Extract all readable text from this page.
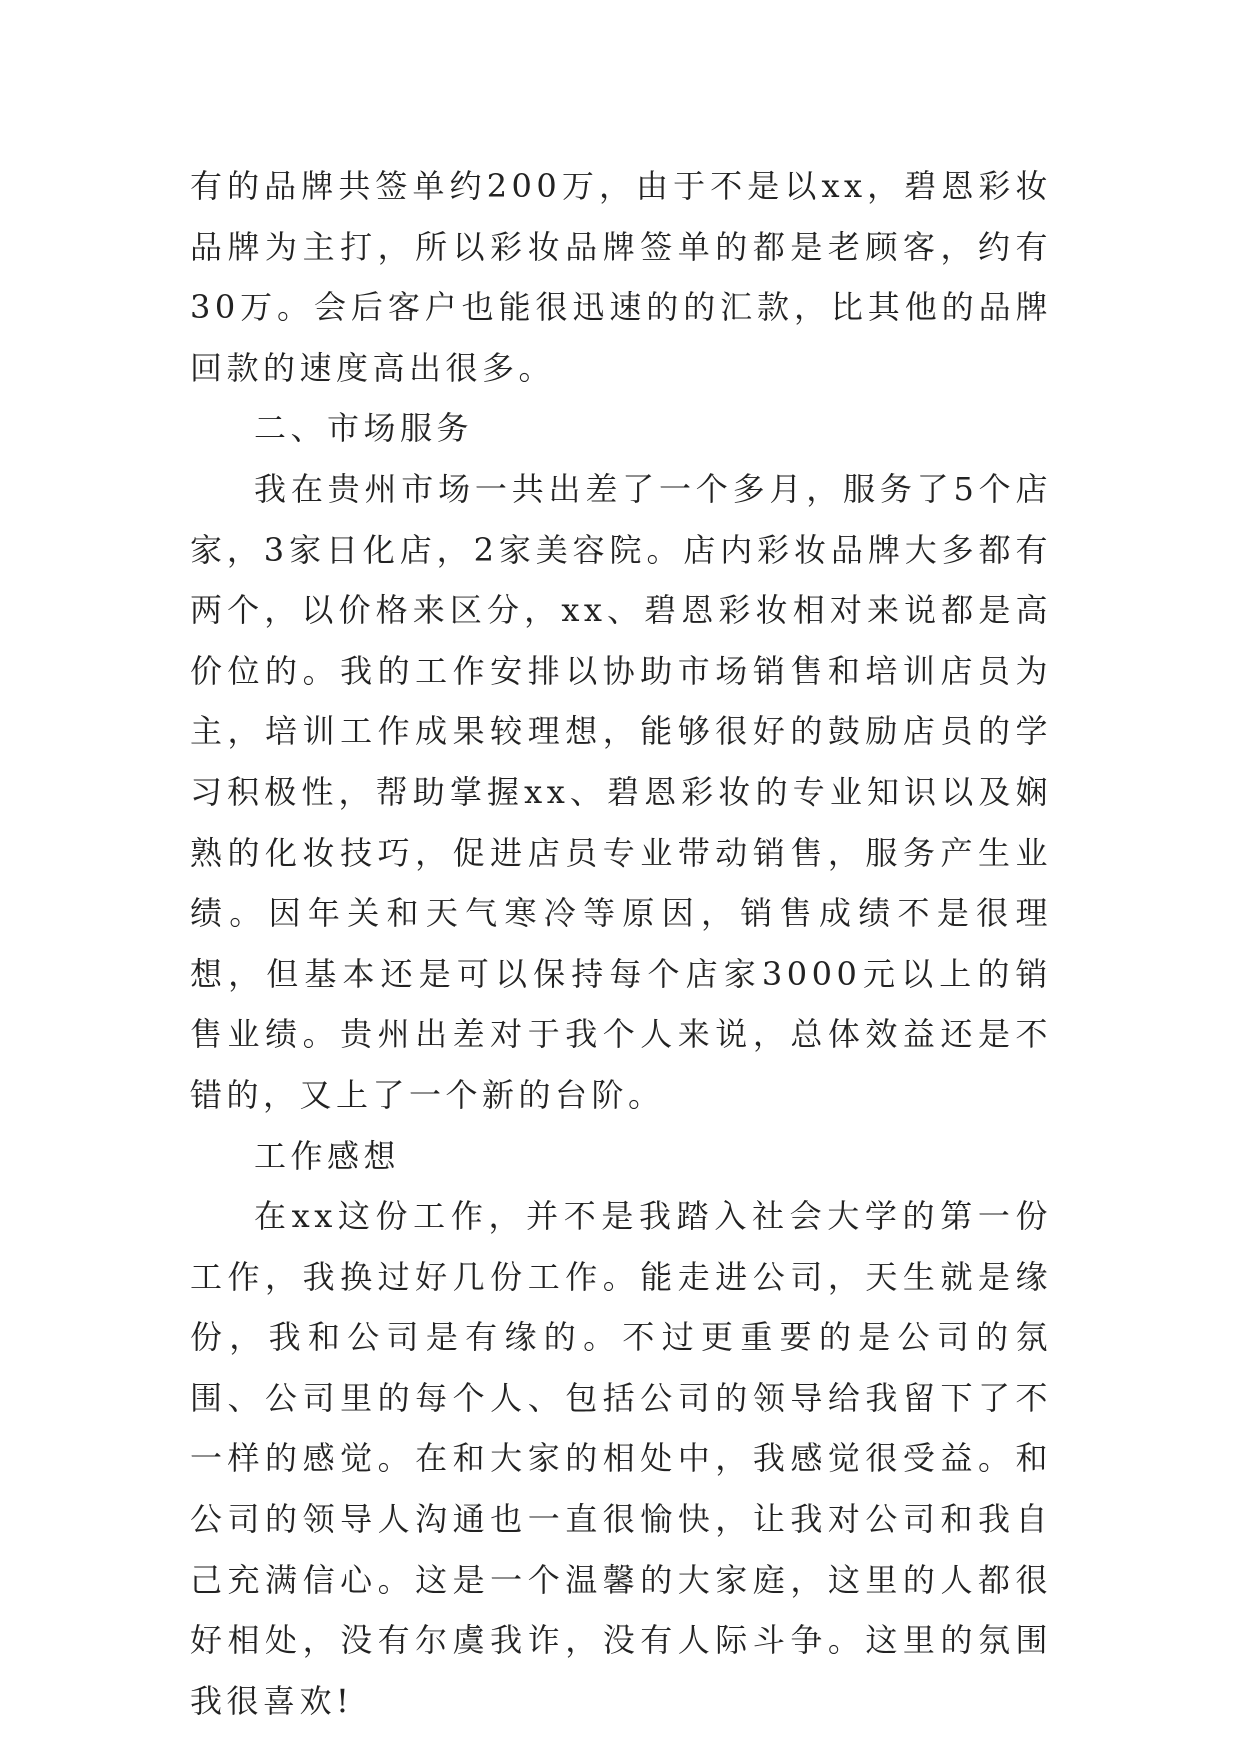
有的品牌共签单约200万，由于不是以xx，碧恩彩妆品牌为主打，所以彩妆品牌签单的都是老顾客，约有30万。会后客户也能很迅速的的汇款，比其他的品牌回款的速度高出很多。

二、市场服务

我在贵州市场一共出差了一个多月，服务了5个店家，3家日化店，2家美容院。店内彩妆品牌大多都有两个，以价格来区分，xx、碧恩彩妆相对来说都是高价位的。我的工作安排以协助市场销售和培训店员为主，培训工作成果较理想，能够很好的鼓励店员的学习积极性，帮助掌握xx、碧恩彩妆的专业知识以及娴熟的化妆技巧，促进店员专业带动销售，服务产生业绩。因年关和天气寒冷等原因，销售成绩不是很理想，但基本还是可以保持每个店家3000元以上的销售业绩。贵州出差对于我个人来说，总体效益还是不错的，又上了一个新的台阶。

工作感想

在xx这份工作，并不是我踏入社会大学的第一份工作，我换过好几份工作。能走进公司，天生就是缘份，我和公司是有缘的。不过更重要的是公司的氛围、公司里的每个人、包括公司的领导给我留下了不一样的感觉。在和大家的相处中，我感觉很受益。和公司的领导人沟通也一直很愉快，让我对公司和我自己充满信心。这是一个温馨的大家庭，这里的人都很好相处，没有尔虞我诈，没有人际斗争。这里的氛围我很喜欢!
